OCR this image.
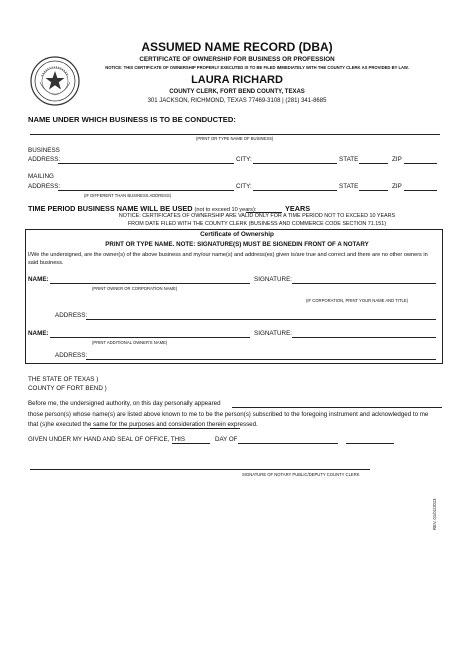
ASSUMED NAME RECORD (DBA)
CERTIFICATE OF OWNERSHIP FOR BUSINESS OR PROFESSION
NOTICE: THIS CERTIFICATE OF OWNERSHIP PROPERLY EXECUTED IS TO BE FILED IMMEDIATELY WITH THE COUNTY CLERK AS PROVIDED BY LAW.
LAURA RICHARD
COUNTY CLERK, FORT BEND COUNTY, TEXAS
301 JACKSON, RICHMOND, TEXAS 77469-3108 | (281) 341-8685
NAME UNDER WHICH BUSINESS IS TO BE CONDUCTED:
(PRINT OR TYPE NAME OF BUSINESS)
BUSINESS
ADDRESS:	CITY:	STATE	ZIP
MAILING
ADDRESS:	CITY:	STATE	ZIP
(IF DIFFERENT THAN BUSINESS ADDRESS)
TIME PERIOD BUSINESS NAME WILL BE USED (not to exceed 10 years):	YEARS
NOTICE: CERTIFICATES OF OWNERSHIP ARE VALID ONLY FOR A TIME PERIOD NOT TO EXCEED 10 YEARS
FROM DATE FILED WITH THE COUNTY CLERK (BUSINESS AND COMMERCE CODE SECTION 71.151)
Certificate of Ownership
PRINT OR TYPE NAME. NOTE: SIGNATURE(S) MUST BE SIGNEDIN FRONT OF A NOTARY
I/We the undersigned, are the owner(s) of the above business and my/our name(s) and address(es) given is/are true and correct and there are no other owners in
said business.
NAME:	SIGNATURE:
(PRINT OWNER OR CORPORATION NAME)
(IF CORPORATION, PRINT YOUR NAME AND TITLE)
ADDRESS:
NAME:	SIGNATURE:
(PRINT ADDITIONAL OWNER'S NAME)
ADDRESS:
THE STATE OF TEXAS )
COUNTY OF FORT BEND )
Before me, the undersigned authority, on this day personally appeared
those person(s) whose name(s) are listed above known to me to be the person(s) subscribed to the foregoing instrument and acknowledged to me
that (s)he executed the same for the purposes and consideration therein expressed.
GIVEN UNDER MY HAND AND SEAL OF OFFICE, THIS	DAY OF
SIGNATURE OF NOTARY PUBLIC/DEPUTY COUNTY CLERK
REV. 01/01/2013
